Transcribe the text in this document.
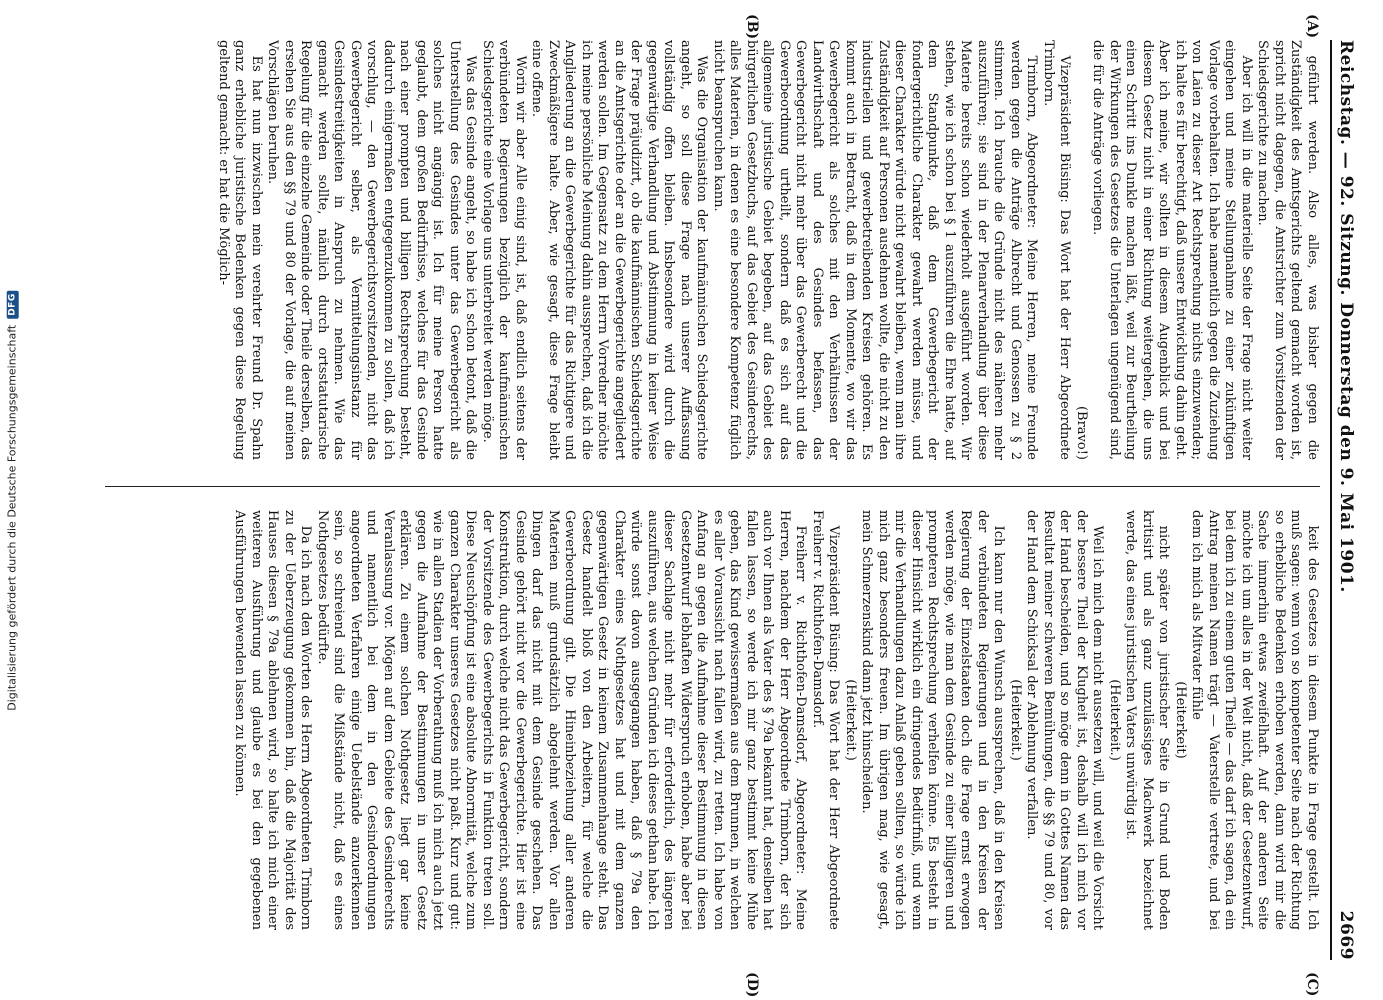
Digitalisierung gefördert durch die Deutsche Forschungsgemeinschaft
DFG	Reichstag. — 92. Sitzung. Donnerstag den 9. Mai 1901.
2669
(A)
(B)
(C)
(D)

geführt werden. Also alles, was bisher gegen die Zuständigkeit des Amtsgerichts geltend gemacht worden ist, spricht nicht dagegen, die Amtsrichter zum Vorsitzenden der Schiedsgerichte zu machen.

Aber ich will in die materielle Seite der Frage nicht weiter eingehen und meine Stellungnahme zu einer zukünftigen Vorlage vorbehalten. Ich habe namentlich gegen die Zuziehung von Laien zu dieser Art Rechtsprechung nichts einzuwenden; ich halte es für berechtigt, daß unsere Entwicklung dahin geht. Aber ich meine, wir sollten in diesem Augenblick und bei diesem Gesetz nicht in einer Richtung weitergehen, die uns einen Schritt ins Dunkle machen läßt, weil zur Beurtheilung der Wirkungen des Gesetzes die Unterlagen ungenügend sind, die für die Anträge vorliegen.

(Bravo!)

Vizepräsident Büsing: Das Wort hat der Herr Abgeordnete Trimborn.

Trimborn, Abgeordneter: Meine Herren, meine Freunde werden gegen die Anträge Albrecht und Genossen zu § 2 stimmen. Ich brauche die Gründe nicht des näheren mehr auszuführen; sie sind in der Plenarverhandlung über diese Materie bereits schon wiederholt ausgeführt worden. Wir stehen, wie ich schon bei § 1 auszuführen die Ehre hatte, auf dem Standpunkte, daß dem Gewerbegericht der fondergerichtliche Charakter gewahrt werden müsse, und dieser Charakter würde nicht gewahrt bleiben, wenn man ihre Zuständigkeit auf Personen ausdehnen wollte, die nicht zu den industriellen und gewerbetreibenden Kreisen gehören. Es kommt auch in Betracht, daß in dem Momente, wo wir das Gewerbegericht als solches mit den Verhältnissen der Landwirthschaft und des Gesindes befassen, das Gewerbegericht nicht mehr über das Gewerberecht und die Gewerbeordnung urtheilt, sondern daß es sich auf das allgemeine juristische Gebiet begeben, auf das Gebiet des bürgerlichen Gesetzbuchs, auf das Gebiet des Gesinderechts, alles Materien, in denen es eine besondere Kompetenz füglich nicht beanspruchen kann.

Was die Organisation der kaufmännischen Schiedsgerichte angeht, so soll diese Frage nach unserer Auffassung vollständig offen bleiben. Insbesondere wird durch die gegenwärtige Verhandlung und Abstimmung in keiner Weise der Frage präjudizirt, ob die kaufmännischen Schiedsgerichte an die Amtsgerichte oder an die Gewerbegerichte angegliedert werden sollen. Im Gegensatz zu dem Herrn Vorredner möchte ich meine persönliche Meinung dahin aussprechen, daß ich die Angliederung an die Gewerbegerichte für das Richtigere und Zweckmäßigere halte. Aber, wie gesagt, diese Frage bleibt eine offene.

Worin wir aber Alle einig sind, ist, daß endlich seitens der verbündeten Regierungen bezüglich der kaufmännischen Schiedsgerichte eine Vorlage uns unterbreitet werden möge.

Was das Gesinde angeht, so habe ich schon betont, daß die Unterstellung des Gesindes unter das Gewerbegericht als solches nicht angängig ist. Ich für meine Person hatte geglaubt, dem großen Bedürfnisse, welches für das Gesinde nach einer prompten und billigen Rechtsprechung besteht, dadurch einigermaßen entgegenzukommen zu sollen, daß ich vorschlug, — den Gewerbegerichtsvorsitzenden, nicht das Gewerbegericht selber, als Vermittelungsinstanz für Gesindestreitigkeiten in Anspruch zu nehmen. Wie das gemacht werden sollte, nämlich durch ortsstatutarische Regelung für die einzelne Gemeinde oder Theile derselben, das ersehen Sie aus den §§ 79 und 80 der Vorlage, die auf meinen Vorschlägen beruhen.

Es hat nun inzwischen mein verehrter Freund Dr. Spahn ganz erhebliche juristische Bedenken gegen diese Regelung geltend gemacht: er hat die Möglich-

keit des Gesetzes in diesem Punkte in Frage gestellt. Ich muß sagen: wenn von so kompetenter Seite nach der Richtung so erhebliche Bedenken erhoben werden, dann wird mir die Sache immerhin etwas zweifelhaft. Auf der anderen Seite möchte ich um alles in der Welt nicht, daß der Gesetzentwurf, bei dem ich zu einem guten Theile — das darf ich sagen, da ein Antrag meinen Namen trägt — Vaterstelle vertrete, und bei dem ich mich als Mitvater fühle

(Heiterkeit)

nicht später von juristischer Seite in Grund und Boden kritisirt und als ganz unzulässiges Machwerk bezeichnet werde, das eines juristischen Vaters unwürdig ist.

(Heiterkeit.)

Weil ich mich dem nicht aussetzen will, und weil die Vorsicht der bessere Theil der Klugheit ist, deshalb will ich mich vor der Hand bescheiden, und so möge denn in Gottes Namen das Resultat meiner schweren Bemühungen, die §§ 79 und 80, vor der Hand dem Schicksal der Ablehnung verfallen.

(Heiterkeit.)

Ich kann nur den Wunsch aussprechen, daß in den Kreisen der verbündeten Regierungen und in den Kreisen der Regierung der Einzelstaaten doch die Frage ernst erwogen werden möge, wie man dem Gesinde zu einer billigeren und prompteren Rechtsprechung verhelfen könne. Es besteht in dieser Hinsicht wirklich ein dringendes Bedürfniß, und wenn mir die Verhandlungen dazu Anlaß geben sollten, so würde ich mich ganz besonders freuen. Im übrigen mag, wie gesagt, mein Schmerzenskind dann jetzt hinscheiden.

(Heiterkeit.)

Vizepräsident Büsing: Das Wort hat der Herr Abgeordnete Freiherr v. Richthofen-Damsdorf.

Freiherr v. Richthofen-Damsdorf, Abgeordneter: Meine Herren, nachdem der Herr Abgeordnete Trimborn, der sich auch vor Ihnen als Vater des § 79a bekannt hat, denselben hat fallen lassen, so werde ich mir ganz bestimmt keine Mühe geben, das Kind gewissermaßen aus dem Brunnen, in welchen es aller Voraussicht nach fallen wird, zu retten. Ich habe von Anfang an gegen die Aufnahme dieser Bestimmung in diesen Gesetzentwurf lebhaften Widerspruch erhoben, habe aber bei dieser Sachlage nicht mehr für erforderlich, des längeren auszuführen, aus welchen Gründen ich dieses gethan habe. Ich würde sonst davon ausgegangen haben, daß § 79a den Charakter eines Nothgesetzes hat und mit dem ganzen gegenwärtigen Gesetz in keinem Zusammenhange steht. Das Gesetz handelt bloß von den Arbeitern, für welche die Gewerbeordnung gilt. Die Hineinbeziehung aller anderen Materien muß grundsätzlich abgelehnt werden. Vor allen Dingen darf das nicht mit dem Gesinde geschehen. Das Gesinde gehört nicht vor die Gewerbegerichte. Hier ist eine Konstruktion, durch welche nicht das Gewerbegericht, sondern der Vorsitzende des Gewerbegerichts in Funktion treten soll. Diese Neuschöpfung ist eine absolute Abnormität, welche zum ganzen Charakter unseres Gesetzes nicht paßt. Kurz und gut: wie in allen Stadien der Vorberathung muß ich mich auch jetzt gegen die Aufnahme der Bestimmungen in unser Gesetz erklären. Zu einem solchen Nothgesetz liegt gar keine Veranlassung vor. Mögen auf dem Gebiete des Gesinderechts und namentlich bei dem in den Gesindeordnungen angeordneten Verfahren einige Uebelstände anzuerkennen sein, so schreiend sind die Mißstände nicht, daß es eines Nothgesetzes bedürfte.

Da ich nach den Worten des Herrn Abgeordneten Trimborn zu der Ueberzeugung gekommen bin, daß die Majorität des Hauses diesen § 79a ablehnen wird, so halte ich mich einer weiteren Ausführung und glaube es bei den gegebenen Ausführungen bewenden lassen zu können.
